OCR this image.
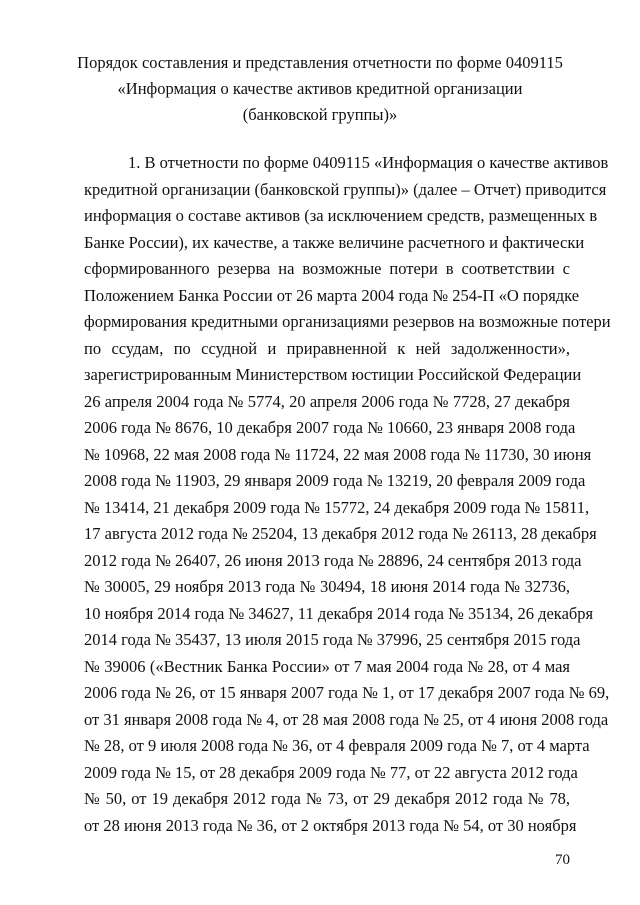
Порядок составления и представления отчетности по форме 0409115
«Информация о качестве активов кредитной организации
(банковской группы)»
1. В отчетности по форме 0409115 «Информация о качестве активов
кредитной организации (банковской группы)» (далее – Отчет) приводится
информация о составе активов (за исключением средств, размещенных в
Банке России), их качестве, а также величине расчетного и фактически
сформированного резерва на возможные потери в соответствии с
Положением Банка России от 26 марта 2004 года № 254-П «О порядке
формирования кредитными организациями резервов на возможные потери
по ссудам, по ссудной и приравненной к ней задолженности»,
зарегистрированным Министерством юстиции Российской Федерации
26 апреля 2004 года № 5774, 20 апреля 2006 года № 7728, 27 декабря
2006 года № 8676, 10 декабря 2007 года № 10660, 23 января 2008 года
№ 10968, 22 мая 2008 года № 11724, 22 мая 2008 года № 11730, 30 июня
2008 года № 11903, 29 января 2009 года № 13219, 20 февраля 2009 года
№ 13414, 21 декабря 2009 года № 15772, 24 декабря 2009 года № 15811,
17 августа 2012 года № 25204, 13 декабря 2012 года № 26113, 28 декабря
2012 года № 26407, 26 июня 2013 года № 28896, 24 сентября 2013 года
№ 30005, 29 ноября 2013 года № 30494, 18 июня 2014 года № 32736,
10 ноября 2014 года № 34627, 11 декабря 2014 года № 35134, 26 декабря
2014 года № 35437, 13 июля 2015 года № 37996, 25 сентября 2015 года
№ 39006 («Вестник Банка России» от 7 мая 2004 года № 28, от 4 мая
2006 года № 26, от 15 января 2007 года № 1, от 17 декабря 2007 года № 69,
от 31 января 2008 года № 4, от 28 мая 2008 года № 25, от 4 июня 2008 года
№ 28, от 9 июля 2008 года № 36, от 4 февраля 2009 года № 7, от 4 марта
2009 года № 15, от 28 декабря 2009 года № 77, от 22 августа 2012 года
№ 50, от 19 декабря 2012 года № 73, от 29 декабря 2012 года № 78,
от 28 июня 2013 года № 36, от 2 октября 2013 года № 54, от 30 ноября
70
